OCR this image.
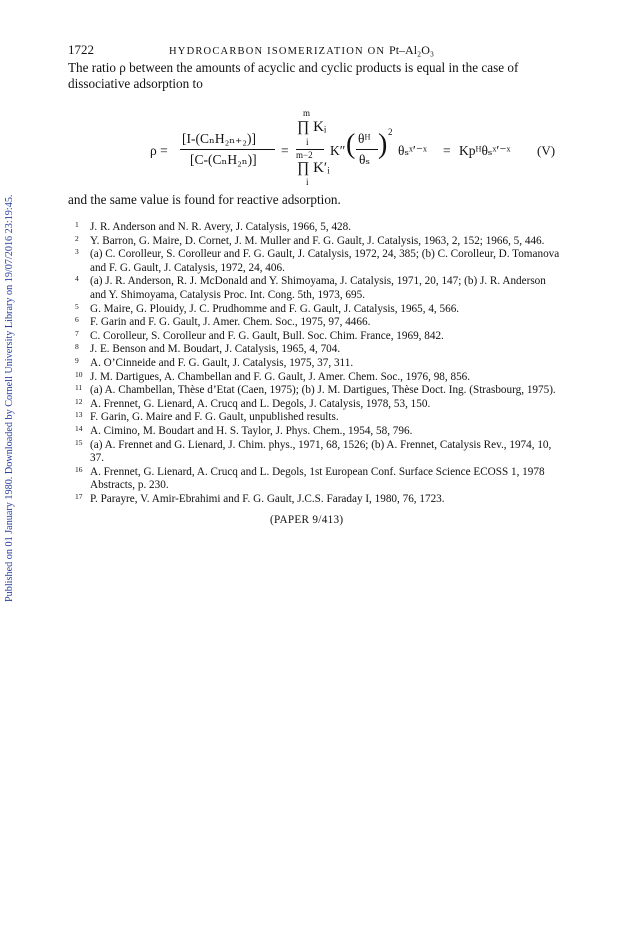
Published on 01 January 1980. Downloaded by Cornell University Library on 19/07/2016 23:19:45.
1722	HYDROCARBON ISOMERIZATION ON Pt–Al₂O₃
The ratio ρ between the amounts of acyclic and cyclic products is equal in the case of dissociative adsorption to
ρ =
[I-(CₙH₂ₙ₊₂)]
[C-(CₙH₂ₙ)]
=
m
∏ Kᵢ
i
m−2
∏ K′ᵢ
i
K″ ( θᴴ
θₛ ) 2
θₛˣ′⁻ˣ = Kpᴴθₛˣ′⁻ˣ (V)
and the same value is found for reactive adsorption.
1 J. R. Anderson and N. R. Avery, J. Catalysis, 1966, 5, 428.
2 Y. Barron, G. Maire, D. Cornet, J. M. Muller and F. G. Gault, J. Catalysis, 1963, 2, 152; 1966, 5, 446.
3 (a) C. Corolleur, S. Corolleur and F. G. Gault, J. Catalysis, 1972, 24, 385; (b) C. Corolleur, D. Tomanova and F. G. Gault, J. Catalysis, 1972, 24, 406.
4 (a) J. R. Anderson, R. J. McDonald and Y. Shimoyama, J. Catalysis, 1971, 20, 147; (b) J. R. Anderson and Y. Shimoyama, Catalysis Proc. Int. Cong. 5th, 1973, 695.
5 G. Maire, G. Plouidy, J. C. Prudhomme and F. G. Gault, J. Catalysis, 1965, 4, 566.
6 F. Garin and F. G. Gault, J. Amer. Chem. Soc., 1975, 97, 4466.
7 C. Corolleur, S. Corolleur and F. G. Gault, Bull. Soc. Chim. France, 1969, 842.
8 J. E. Benson and M. Boudart, J. Catalysis, 1965, 4, 704.
9 A. O’Cinneide and F. G. Gault, J. Catalysis, 1975, 37, 311.
10 J. M. Dartigues, A. Chambellan and F. G. Gault, J. Amer. Chem. Soc., 1976, 98, 856.
11 (a) A. Chambellan, Thèse d’Etat (Caen, 1975); (b) J. M. Dartigues, Thèse Doct. Ing. (Strasbourg, 1975).
12 A. Frennet, G. Lienard, A. Crucq and L. Degols, J. Catalysis, 1978, 53, 150.
13 F. Garin, G. Maire and F. G. Gault, unpublished results.
14 A. Cimino, M. Boudart and H. S. Taylor, J. Phys. Chem., 1954, 58, 796.
15 (a) A. Frennet and G. Lienard, J. Chim. phys., 1971, 68, 1526; (b) A. Frennet, Catalysis Rev., 1974, 10, 37.
16 A. Frennet, G. Lienard, A. Crucq and L. Degols, 1st European Conf. Surface Science ECOSS 1, 1978 Abstracts, p. 230.
17 P. Parayre, V. Amir-Ebrahimi and F. G. Gault, J.C.S. Faraday I, 1980, 76, 1723.
(PAPER 9/413)
